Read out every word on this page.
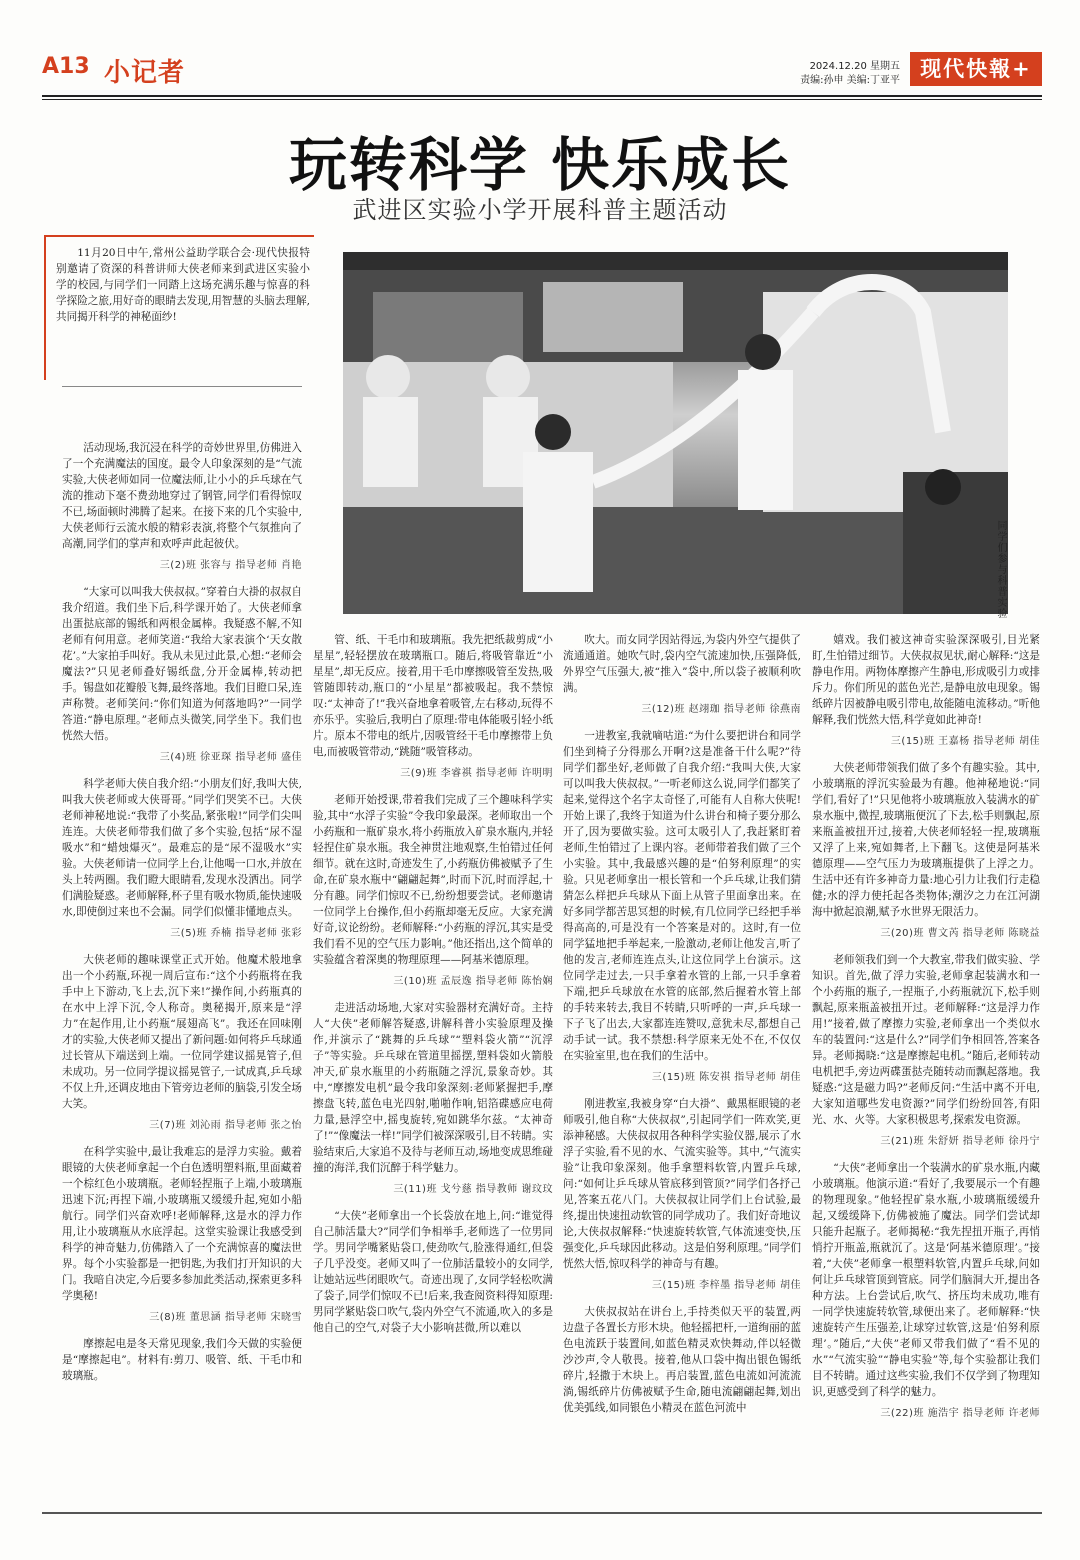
A13 小记者	2024.12.20 星期五
责编:孙申 美编:丁亚平 现代快報+
玩转科学 快乐成长
武进区实验小学开展科普主题活动

11月20日中午,常州公益助学联合会·现代快报特别邀请了资深的科普讲师大侠老师来到武进区实验小学的校园,与同学们一同踏上这场充满乐趣与惊喜的科学探险之旅,用好奇的眼睛去发现,用智慧的头脑去理解,共同揭开科学的神秘面纱!

同学们参与科普实验

活动现场,我沉浸在科学的奇妙世界里,仿佛进入了一个充满魔法的国度。最令人印象深刻的是“气流实验,大侠老师如同一位魔法师,让小小的乒乓球在气流的推动下毫不费劲地穿过了钢管,同学们看得惊叹不已,场面顿时沸腾了起来。在接下来的几个实验中,大侠老师行云流水般的精彩表演,将整个气氛推向了高潮,同学们的掌声和欢呼声此起彼伏。

三(2)班 张容与 指导老师 肖艳

“大家可以叫我大侠叔叔。”穿着白大褂的叔叔自我介绍道。我们坐下后,科学课开始了。大侠老师拿出蛋挞底部的锡纸和两根金属棒。我疑惑不解,不知老师有何用意。老师笑道:“我给大家表演个‘天女散花’。”大家拍手叫好。我从未见过此景,心想:“老师会魔法?”只见老师叠好锡纸盘,分开金属棒,转动把手。锡盘如花瓣般飞舞,最终落地。我们目瞪口呆,连声称赞。老师笑问:“你们知道为何落地吗?”一同学答道:“静电原理。”老师点头微笑,同学坐下。我们也恍然大悟。

三(4)班 徐亚琛 指导老师 盛佳

科学老师大侠自我介绍:“小朋友们好,我叫大侠,叫我大侠老师或大侠哥哥。”同学们哭笑不已。大侠老师神秘地说:“我带了小奖品,紧张啦!”同学们尖叫连连。大侠老师带我们做了多个实验,包括“尿不湿吸水”和“蜡烛爆灭”。最难忘的是“尿不湿吸水”实验。大侠老师请一位同学上台,让他喝一口水,并放在头上转两圈。我们瞪大眼睛看,发现水没洒出。同学们满脸疑惑。老师解释,杯子里有吸水物质,能快速吸水,即使倒过来也不会漏。同学们似懂非懂地点头。

三(5)班 乔楠 指导老师 张彩

大侠老师的趣味课堂正式开始。他魔术般地拿出一个小药瓶,环视一周后宣布:“这个小药瓶将在我手中上下游动,飞上去,沉下来!”操作间,小药瓶真的在水中上浮下沉,令人称奇。奥秘揭开,原来是“浮力”在起作用,让小药瓶“展翅高飞”。我还在回味刚才的实验,大侠老师又提出了新问题:如何将乒乓球通过长管从下端送到上端。一位同学建议摇晃管子,但未成功。另一位同学提议摇晃管子,一试成真,乒乓球不仅上升,还调皮地由下管旁边老师的脑袋,引发全场大笑。

三(7)班 刘沁雨 指导老师 张之怡

在科学实验中,最让我难忘的是浮力实验。戴着眼镜的大侠老师拿起一个白色透明塑料瓶,里面藏着一个棕红色小玻璃瓶。老师轻捏瓶子上端,小玻璃瓶迅速下沉;再捏下端,小玻璃瓶又缓缓升起,宛如小船航行。同学们兴奋欢呼!老师解释,这是水的浮力作用,让小玻璃瓶从水底浮起。这堂实验课让我感受到科学的神奇魅力,仿佛踏入了一个充满惊喜的魔法世界。每个小实验都是一把钥匙,为我们打开知识的大门。我暗自决定,今后要多参加此类活动,探索更多科学奥秘!

三(8)班 董思涵 指导老师 宋晓雪

摩擦起电是冬天常见现象,我们今天做的实验便是“摩擦起电”。材料有:剪刀、吸管、纸、干毛巾和玻璃瓶。

管、纸、干毛巾和玻璃瓶。我先把纸裁剪成“小星星”,轻轻摆放在玻璃瓶口。随后,将吸管靠近“小星星”,却无反应。接着,用干毛巾摩擦吸管至发热,吸管随即转动,瓶口的“小星星”都被吸起。我不禁惊叹:“太神奇了!”我兴奋地拿着吸管,左右移动,玩得不亦乐乎。实验后,我明白了原理:带电体能吸引轻小纸片。原本不带电的纸片,因吸管经干毛巾摩擦带上负电,而被吸管带动,“跳随”吸管移动。

三(9)班 李睿祺 指导老师 许明明

老师开始授课,带着我们完成了三个趣味科学实验,其中“水浮子实验”令我印象最深。老师取出一个小药瓶和一瓶矿泉水,将小药瓶放入矿泉水瓶内,并轻轻捏住矿泉水瓶。我全神贯注地观察,生怕错过任何细节。就在这时,奇迹发生了,小药瓶仿佛被赋予了生命,在矿泉水瓶中“翩翩起舞”,时而下沉,时而浮起,十分有趣。同学们惊叹不已,纷纷想要尝试。老师邀请一位同学上台操作,但小药瓶却毫无反应。大家充满好奇,议论纷纷。老师解释:“小药瓶的浮沉,其实是受我们看不见的空气压力影响。”他还指出,这个简单的实验蕴含着深奥的物理原理——阿基米德原理。

三(10)班 孟辰逸 指导老师 陈怡娴

走进活动场地,大家对实验器材充满好奇。主持人“大侠”老师解答疑惑,讲解科普小实验原理及操作,并演示了“跳舞的乒乓球”“塑料袋火箭”“沉浮子”等实验。乒乓球在管道里摇摆,塑料袋如火箭般冲天,矿泉水瓶里的小药瓶随之浮沉,景象奇妙。其中,“摩擦发电机”最令我印象深刻:老师紧握把手,摩擦盘飞转,蓝色电光四射,啪啪作响,铝箔碟感应电荷力量,悬浮空中,摇曳旋转,宛如跳华尔兹。“太神奇了!”“像魔法一样!”同学们被深深吸引,目不转睛。实验结束后,大家追不及待与老师互动,场地变成思维碰撞的海洋,我们沉醉于科学魅力。

三(11)班 戈兮慈 指导教师 谢玟玟

“大侠”老师拿出一个长袋放在地上,问:“谁觉得自己肺活量大?”同学们争相举手,老师选了一位男同学。男同学嘴紧贴袋口,使劲吹气,脸涨得通红,但袋子几乎没变。老师又叫了一位肺活量较小的女同学,让她站远些闭眼吹气。奇迹出现了,女同学轻松吹满了袋子,同学们惊叹不已!后来,我查阅资料得知原理:男同学紧贴袋口吹气,袋内外空气不流通,吹入的多是他自己的空气,对袋子大小影响甚微,所以难以

吹大。而女同学因站得远,为袋内外空气提供了流通通道。她吹气时,袋内空气流速加快,压强降低,外界空气压强大,被“推入”袋中,所以袋子被顺利吹满。

三(12)班 赵翊珈 指导老师 徐燕南

一进教室,我就嘀咕道:“为什么要把讲台和同学们坐到椅子分得那么开啊?这是准备干什么呢?”待同学们都坐好,老师做了自我介绍:“我叫大侠,大家可以叫我大侠叔叔。”一听老师这么说,同学们都笑了起来,觉得这个名字太奇怪了,可能有人自称大侠呢!开始上课了,我终于知道为什么讲台和椅子要分那么开了,因为要做实验。这可太吸引人了,我赶紧盯着老师,生怕错过了上课内容。老师带着我们做了三个小实验。其中,我最感兴趣的是“伯努利原理”的实验。只见老师拿出一根长管和一个乒乓球,让我们猜猜怎么样把乒乓球从下面上从管子里面拿出来。在好多同学都苦思冥想的时候,有几位同学已经把手举得高高的,可是没有一个答案是对的。这时,有一位同学猛地把手举起来,一脸激动,老师让他发言,听了他的发言,老师连连点头,让这位同学上台演示。这位同学走过去,一只手拿着水管的上部,一只手拿着下端,把乒乓球放在水管的底部,然后握着水管上部的手转来转去,我目不转睛,只听呼的一声,乒乓球一下子飞了出去,大家都连连赞叹,意犹未尽,都想自己动手试一试。我不禁想:科学原来无处不在,不仅仅在实验室里,也在我们的生活中。

三(15)班 陈安祺 指导老师 胡佳

刚进教室,我被身穿“白大褂”、戴黑框眼镜的老师吸引,他自称“大侠叔叔”,引起同学们一阵欢笑,更添神秘感。大侠叔叔用各种科学实验仪器,展示了水浮子实验,看不见的水、气流实验等。其中,“气流实验”让我印象深刻。他手拿塑料软管,内置乒乓球,问:“如何让乒乓球从管底移到管顶?”同学们各抒己见,答案五花八门。大侠叔叔让同学们上台试验,最终,提出快速扭动软管的同学成功了。我们好奇地议论,大侠叔叔解释:“快速旋转软管,气体流速变快,压强变化,乒乓球因此移动。这是伯努利原理。”同学们恍然大悟,惊叹科学的神奇与有趣。

三(15)班 李梓墨 指导老师 胡佳

大侠叔叔站在讲台上,手持类似天平的装置,两边盘子各置长方形木块。他轻摇把杆,一道绚丽的蓝色电流跃于装置间,如蓝色精灵欢快舞动,伴以轻微沙沙声,令人敬畏。接着,他从口袋中掏出银色锡纸碎片,轻撒于木块上。再启装置,蓝色电流如河流流淌,锡纸碎片仿佛被赋予生命,随电流翩翩起舞,划出优美弧线,如同银色小精灵在蓝色河流中

嬉戏。我们被这神奇实验深深吸引,目光紧盯,生怕错过细节。大侠叔叔见状,耐心解释:“这是静电作用。两物体摩擦产生静电,形成吸引力或排斥力。你们所见的蓝色光芒,是静电放电现象。锡纸碎片因被静电吸引带电,故能随电流移动。”听他解释,我们恍然大悟,科学竟如此神奇!

三(15)班 王嘉杨 指导老师 胡佳

大侠老师带领我们做了多个有趣实验。其中,小玻璃瓶的浮沉实验最为有趣。他神秘地说:“同学们,看好了!”只见他将小玻璃瓶放入装满水的矿泉水瓶中,微捏,玻璃瓶便沉了下去,松手则飘起,原来瓶盖被扭开过,接着,大侠老师轻轻一捏,玻璃瓶又浮了上来,宛如舞者,上下翻飞。这使是阿基米德原理——空气压力为玻璃瓶提供了上浮之力。生活中还有许多神奇力量:地心引力让我们行走稳健;水的浮力使托起各类物体;潮汐之力在江河湖海中掀起浪潮,赋予水世界无限活力。

三(20)班 曹文芮 指导老师 陈晓益

老师领我们到一个大教室,带我们做实验、学知识。首先,做了浮力实验,老师拿起装满水和一个小药瓶的瓶子,一捏瓶子,小药瓶就沉下,松手则飘起,原来瓶盖被扭开过。老师解释:“这是浮力作用!”接着,做了摩擦力实验,老师拿出一个类似水车的装置问:“这是什么?”同学们争相回答,答案各异。老师揭晓:“这是摩擦起电机。”随后,老师转动电机把手,旁边两碟蛋挞壳随转动而飘起落地。我疑惑:“这是磁力吗?”老师反问:“生活中离不开电,大家知道哪些发电资源?”同学们纷纷回答,有阳光、水、火等。大家积极思考,探索发电资源。

三(21)班 朱舒妍 指导老师 徐丹宁

“大侠”老师拿出一个装满水的矿泉水瓶,内藏小玻璃瓶。他演示道:“看好了,我要展示一个有趣的物理现象。”他轻捏矿泉水瓶,小玻璃瓶缓缓升起,又缓缓降下,仿佛被施了魔法。同学们尝试却只能升起瓶子。老师揭秘:“我先捏扭开瓶子,再悄悄拧开瓶盖,瓶就沉了。这是‘阿基米德原理’。”接着,“大侠”老师拿一根塑料软管,内置乒乓球,问如何让乒乓球管顶到管底。同学们脑洞大开,提出各种方法。上台尝试后,吹气、挤压均未成功,唯有一同学快速旋转软管,球便出来了。老师解释:“快速旋转产生压强差,让球穿过软管,这是‘伯努利原理’。”随后,“大侠”老师又带我们做了“看不见的水”“气流实验”“静电实验”等,每个实验都让我们目不转睛。通过这些实验,我们不仅学到了物理知识,更感受到了科学的魅力。

三(22)班 施浩宇 指导老师 许老师
